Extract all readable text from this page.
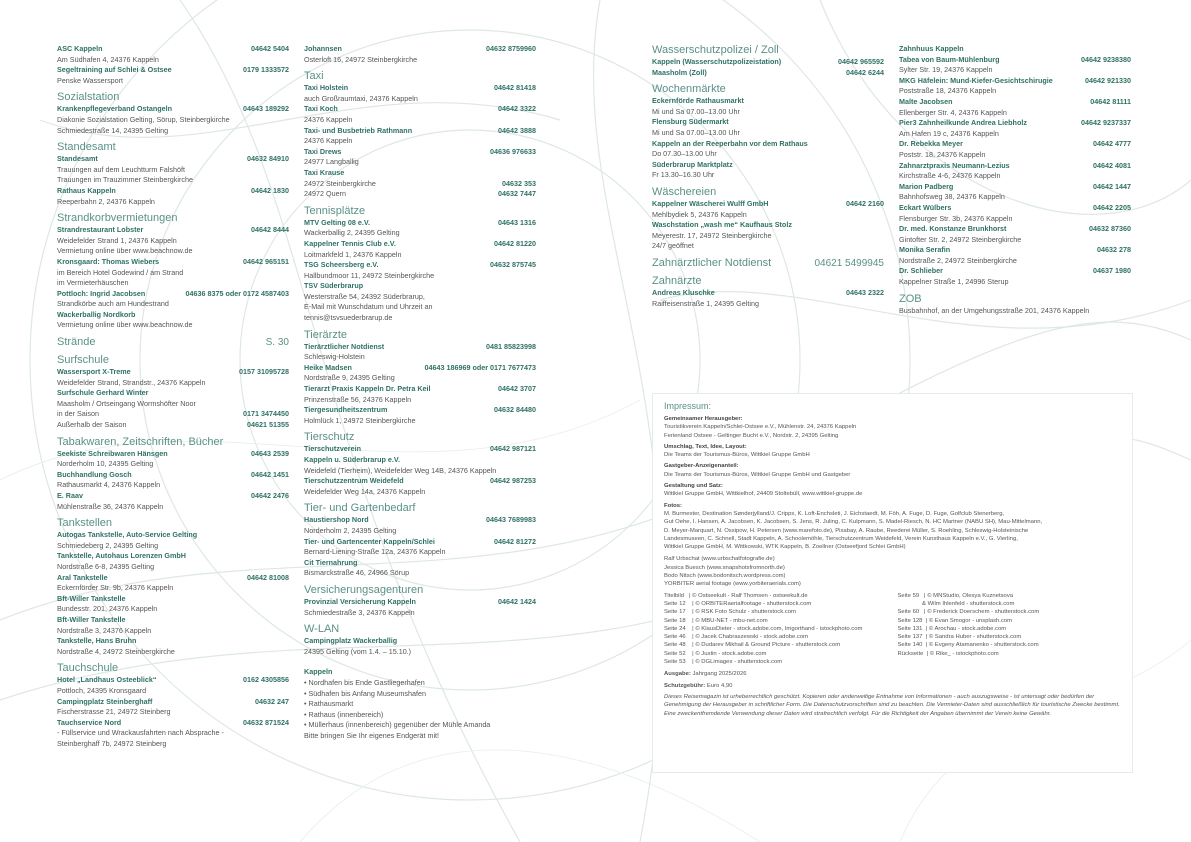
ASC Kappeln	04642 5404
Am Südhafen 4, 24376 Kappeln
Segeltraining auf Schlei & Ostsee	0179 1333572
Penske Wassersport
Sozialstation
Krankenpflegeverband Ostangeln	04643 189292
Diakonie Sozialstation Gelting, Sörup, Steinbergkirche
Schmiedestraße 14, 24395 Gelting
Standesamt
Standesamt	04632 84910
Trauungen auf dem Leuchtturm Falshöft
Trauungen im Trauzimmer Steinbergkirche
Rathaus Kappeln	04642 1830
Reeperbahn 2, 24376 Kappeln
Strandkorbvermietungen
Strandrestaurant Lobster	04642 8444
Weidefelder Strand 1, 24376 Kappeln
Vermietung online über www.beachnow.de
Kronsgaard: Thomas Wiebers	04642 965151
im Bereich Hotel Godewind / am Strand
im Vermieterhäuschen
Pottloch: Ingrid Jacobsen	04636 8375 oder 0172 4587403
Strandkörbe auch am Hundestrand
Wackerballig Nordkorb
Vermietung online über www.beachnow.de
Strände	S. 30
Surfschule
Wassersport X-Treme	0157 31095728
Weidefelder Strand, Strandstr., 24376 Kappeln
Surfschule Gerhard Winter
Maasholm / Ortseingang Wormshöfter Noor
in der Saison	0171 3474450
Außerhalb der Saison	04621 51355
Tabakwaren, Zeitschriften, Bücher
Seekiste Schreibwaren Hänsgen	04643 2539
Norderholm 10, 24395 Gelting
Buchhandlung Gosch	04642 1451
Rathausmarkt 4, 24376 Kappeln
E. Raav	04642 2476
Mühlenstraße 36, 24376 Kappeln
Tankstellen
Autogas Tankstelle, Auto-Service Gelting
Schmiedeberg 2, 24395 Gelting
Tankstelle, Autohaus Lorenzen GmbH
Nordstraße 6-8, 24395 Gelting
Aral Tankstelle	04642 81008
Eckernförder Str. 9b, 24376 Kappeln
Bft-Willer Tankstelle
Bundesstr. 201, 24376 Kappeln
Bft-Willer Tankstelle
Nordstraße 3, 24376 Kappeln
Tankstelle, Hans Bruhn
Nordstraße 4, 24972 Steinbergkirche
Tauchschule
Hotel „Landhaus Osteeblick“	0162 4305856
Pottloch, 24395 Kronsgaard
Campingplatz Steinberghaff	04632 247
Fischerstrasse 21, 24972 Steinberg
Tauchservice Nord	04632 871524
- Füllservice und Wrackausfahrten nach Absprache -
Steinberghaff 7b, 24972 Steinberg
Johannsen	04632 8759960
Osterloft 16, 24972 Steinbergkirche
Taxi
Taxi Holstein	04642 81418
auch Großraumtaxi, 24376 Kappeln
Taxi Koch	04642 3322
24376 Kappeln
Taxi- und Busbetrieb Rathmann	04642 3888
24376 Kappeln
Taxi Drews	04636 976633
24977 Langballig
Taxi Krause
24972 Steinbergkirche	04632 353
24972 Quern	04632 7447
Tennisplätze
MTV Gelting 08 e.V.	04643 1316
Wackerballig 2, 24395 Gelting
Kappelner Tennis Club e.V.	04642 81220
Loitmarkfeld 1, 24376 Kappeln
TSG Scheersberg e.V.	04632 875745
Hallbundmoor 11, 24972 Steinbergkirche
TSV Süderbrarup
Westerstraße 54, 24392 Süderbrarup,
E-Mail mit Wunschdatum und Uhrzeit an
tennis@tsvsuederbrarup.de
Tierärzte
Tierärztlicher Notdienst	0481 85823998
Schleswig-Holstein
Heike Madsen	04643 186969 oder 0171 7677473
Nordstraße 9, 24395 Gelting
Tierarzt Praxis Kappeln Dr. Petra Keil	04642 3707
Prinzenstraße 56, 24376 Kappeln
Tiergesundheitszentrum	04632 84480
Holmlück 1, 24972 Steinbergkirche
Tierschutz
Tierschutzverein	04642 987121
Kappeln u. Süderbrarup e.V.
Weidefeld (Tierheim), Weidefelder Weg 14B, 24376 Kappeln
Tierschutzzentrum Weidefeld	04642 987253
Weidefelder Weg 14a, 24376 Kappeln
Tier- und Gartenbedarf
Haustiershop Nord	04643 7689983
Norderholm 2, 24395 Gelting
Tier- und Gartencenter Kappeln/Schlei	04642 81272
Bernard-Liening-Straße 12a, 24376 Kappeln
Cit Tiernahrung
Bismarckstraße 46, 24966 Sörup
Versicherungsagenturen
Provinzial Versicherung Kappeln	04642 1424
Schmiedestraße 3, 24376 Kappeln
W-LAN
Campingplatz Wackerballig
24395 Gelting (vom 1.4. – 15.10.)
Kappeln
• Nordhafen bis Ende Gastliegerhafen
• Südhafen bis Anfang Museumshafen
• Rathausmarkt
• Rathaus (innenbereich)
• Müllerhaus (innenbereich) gegenüber der Mühle Amanda
Bitte bringen Sie Ihr eigenes Endgerät mit!
Wasserschutzpolizei / Zoll
Kappeln (Wasserschutzpolizeistation)	04642 965592
Maasholm (Zoll)	04642 6244
Wochenmärkte
Eckernförde Rathausmarkt
Mi und Sa 07.00–13.00 Uhr
Flensburg Südermarkt
Mi und Sa 07.00–13.00 Uhr
Kappeln an der Reeperbahn vor dem Rathaus
Do 07.30–13.00 Uhr
Süderbrarup Marktplatz
Fr 13.30–16.30 Uhr
Wäschereien
Kappelner Wäscherei Wulff GmbH	04642 2160
Mehlbydiek 5, 24376 Kappeln
Waschstation „wash me“ Kaufhaus Stolz
Meyerestr. 17, 24972 Steinbergkirche
24/7 geöffnet
Zahnärztlicher Notdienst	04621 5499945
Zahnärzte
Andreas Kluschke	04643 2322
Raiffeisenstraße 1, 24395 Gelting
Zahnhuus Kappeln
Tabea von Baum-Mühlenburg	04642 9238380
Sylter Str. 19, 24376 Kappeln
MKG Häfelein: Mund-Kiefer-Gesichtschirugie	04642 921330
Poststraße 18, 24376 Kappeln
Malte Jacobsen	04642 81111
Ellenberger Str. 4, 24376 Kappeln
Pier3 Zahnheilkunde Andrea Liebholz	04642 9237337
Am Hafen 19 c, 24376 Kappeln
Dr. Rebekka Meyer	04642 4777
Poststr. 18, 24376 Kappeln
Zahnarztpraxis Neumann-Lezius	04642 4081
Kirchstraße 4-6, 24376 Kappeln
Marion Padberg	04642 1447
Bahnhofsweg 38, 24376 Kappeln
Eckart Wülbers	04642 2205
Flensburger Str. 3b, 24376 Kappeln
Dr. med. Konstanze Brunkhorst	04632 87360
Gintofter Str. 2, 24972 Steinbergkirche
Monika Serafin	04632 278
Nordstraße 2, 24972 Steinbergkirche
Dr. Schlieber	04637 1980
Kappelner Straße 1, 24996 Sterup
ZOB
Busbahnhof, an der Umgehungsstraße 201, 24376 Kappeln
Impressum:
Gemeinsamer Herausgeber:
Touristikverein Kappeln/Schlei-Ostsee e.V., Mühlenstr. 24, 24376 Kappeln
Ferienland Ostsee - Geltinger Bucht e.V., Nordstr. 2, 24395 Gelting
Umschlag, Text, Idee, Layout:
Die Teams der Tourismus-Büros, Wittkiel Gruppe GmbH
Gastgeber-Anzeigenanteil:
Die Teams der Tourismus-Büros, Wittkiel Gruppe GmbH und Gastgeber
Gestaltung und Satz:
Wittkiel Gruppe GmbH, Wittkielhof, 24409 Stoltebüll, www.wittkiel-gruppe.de
Fotos:
M. Burmester, Destination Sønderjylland/J. Cripps, K. Loft-Enchsleti, J. Eichstaedt, M. Föh, A. Fuge, D. Fuge, Golfclub Stenerberg,
Gut Oehe, I. Hansen, A. Jacobsen, K. Jacobsen, S. Jens, R. Juling, C. Kulpmann, S. Madel-Riesch, N. HC Martner (NABU SH), Mau-Mittelmann,
D. Meyer-Marquart, N. Ossipow, H. Petersen (www.marefoto.de), Pixabay, A. Raube, Reederei Müller, S. Roehling, Schleswig-Holsteinische
Landesmuseen, C. Schnell, Stadt Kappeln, A. Schoolemöhle, Tierschutzzentrum Weidefeld, Verein Kunsthaus Kappeln e.V., G. Vierling,
Wittkiel Gruppe GmbH, M. Wittkowski, WTK Kappeln, B. Zoellner (Ostseefjord Schlei GmbH)
Ralf Urbschat (www.urbschatfotografie.de)
Jessica Buesch (www.snapshotsfromnorth.de)
Bodo Nitsch (www.bodonitsch.wordpress.com)
YORBITER aerial footage (www.yorbiteraerials.com)
Titelbild   | © Ostseekult - Ralf Thomsen - ostseekult.de
Seite 12    | © ORBITERaerialfootage - shutterstock.com
Seite 17    | © RSK Foto Schulz - shutterstock.com
Seite 18    | © MBU-NET - mbu-net.com
Seite 24    | © KlausDieter - stock.adobe.com, Imgorthand - istockphoto.com
Seite 46    | © Jacek Chabraszewski - stock.adobe.com
Seite 48    | © Dudarev Mikhail & Ground Picture - shutterstock.com
Seite 52    | © Justin - stock.adobe.com
Seite 53    | © DGLimages - shutterstock.com
Seite 59   | © MNStudio, Olesya Kuznetsova
& Wilm Ihlenfeld - shutterstock.com
Seite 60   | © Frederick Doerschem - shutterstock.com
Seite 128  | © Evan Smogor - unsplash.com
Seite 131  | © Arochau - stock.adobe.com
Seite 137  | © Sandra Huber - shutterstock.com
Seite 140  | © Evgeny Atamanenko - shutterstock.com
Rückseite  | © Rike_ - istockphoto.com
Ausgabe: Jahrgang 2025/2026
Schutzgebühr: Euro 4,90
Dieses Reisemagazin ist urheberrechtlich geschützt. Kopieren oder anderweitige Entnahme von Informationen - auch auszugsweise - ist untersagt oder bedürfen der Genehmigung der Herausgeber in schriftlicher Form. Die Datenschutzvorschriften sind zu beachten. Die Vermieter-Daten sind ausschließlich für touristische Zwecke bestimmt. Eine zweckentfremdende Verwendung dieser Daten wird strafrechtlich verfolgt. Für die Richtigkeit der Angaben übernimmt der Verein keine Gewähr.
